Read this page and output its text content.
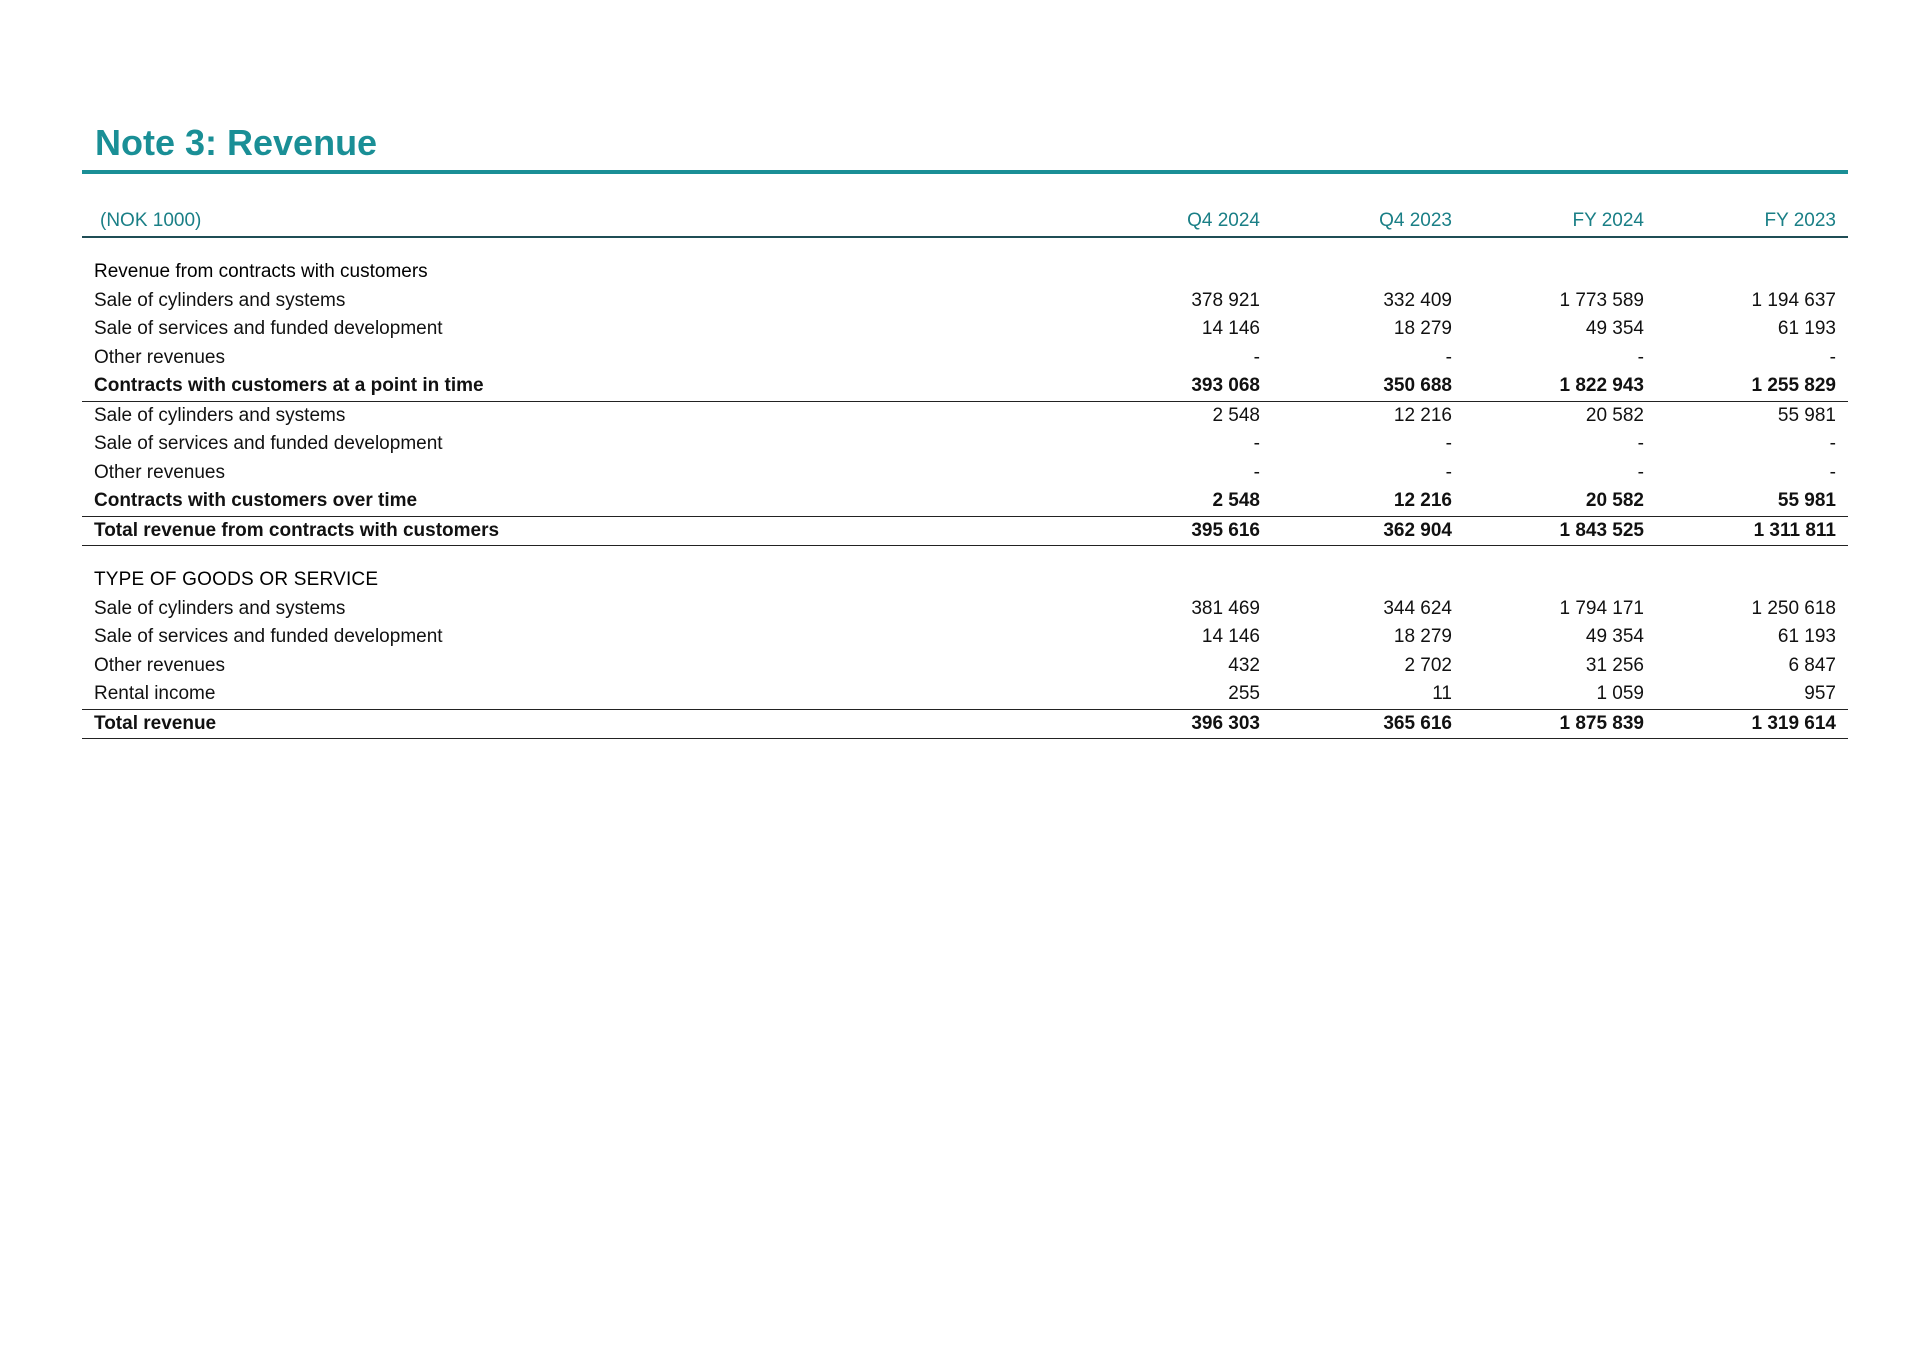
Note 3: Revenue
(NOK 1000)	Q4 2024	Q4 2023	FY 2024	FY 2023

Revenue from contracts with customers				
Sale of cylinders and systems	378 921	332 409	1 773 589	1 194 637
Sale of services and funded development	14 146	18 279	49 354	61 193
Other revenues	-	-	-	-
Contracts with customers at a point in time	393 068	350 688	1 822 943	1 255 829
Sale of cylinders and systems	2 548	12 216	20 582	55 981
Sale of services and funded development	-	-	-	-
Other revenues	-	-	-	-
Contracts with customers over time	2 548	12 216	20 582	55 981
Total revenue from contracts with customers	395 616	362 904	1 843 525	1 311 811

TYPE OF GOODS OR SERVICE				
Sale of cylinders and systems	381 469	344 624	1 794 171	1 250 618
Sale of services and funded development	14 146	18 279	49 354	61 193
Other revenues	432	2 702	31 256	6 847
Rental income	255	11	1 059	957
Total revenue	396 303	365 616	1 875 839	1 319 614
